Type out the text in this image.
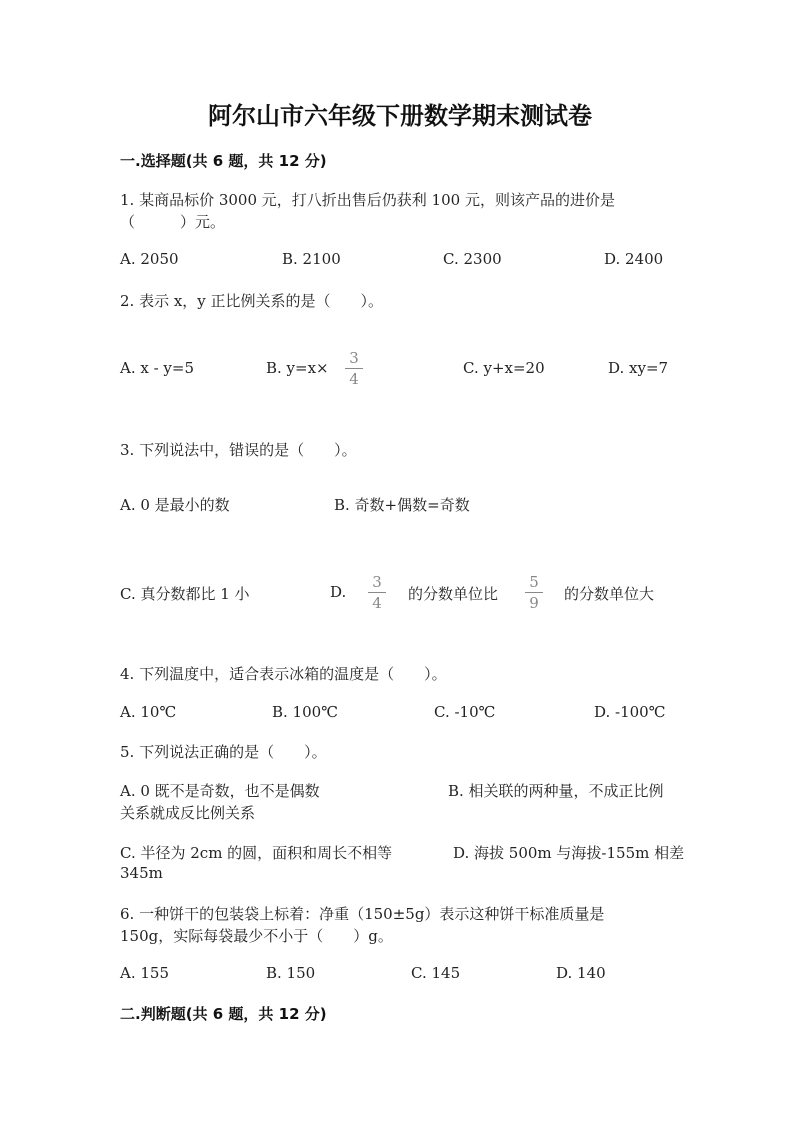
阿尔山市六年级下册数学期末测试卷
一.选择题(共 6 题，共 12 分)
1. 某商品标价 3000 元，打八折出售后仍获利 100 元，则该产品的进价是
（　　　）元。
A. 2050	B. 2100	C. 2300	D. 2400
2. 表示 x，y 正比例关系的是（　　）。
A. x - y=5	B. y=x×
3
4
C. y+x=20	D. xy=7
3. 下列说法中，错误的是（　　）。
A. 0 是最小的数	B. 奇数+偶数=奇数
C. 真分数都比 1 小	D.
3
4 的分数单位比
5
9 的分数单位大
4. 下列温度中，适合表示冰箱的温度是（　　）。
A. 10℃	B. 100℃	C. -10℃	D. -100℃
5. 下列说法正确的是（　　）。
A. 0 既不是奇数，也不是偶数	B. 相关联的两种量，不成正比例
关系就成反比例关系
C. 半径为 2cm 的圆，面积和周长不相等	D. 海拔 500m 与海拔-155m 相差
345m
6. 一种饼干的包装袋上标着：净重（150±5g）表示这种饼干标准质量是
150g，实际每袋最少不小于（　　）g。
A. 155	B. 150	C. 145	D. 140
二.判断题(共 6 题，共 12 分)
